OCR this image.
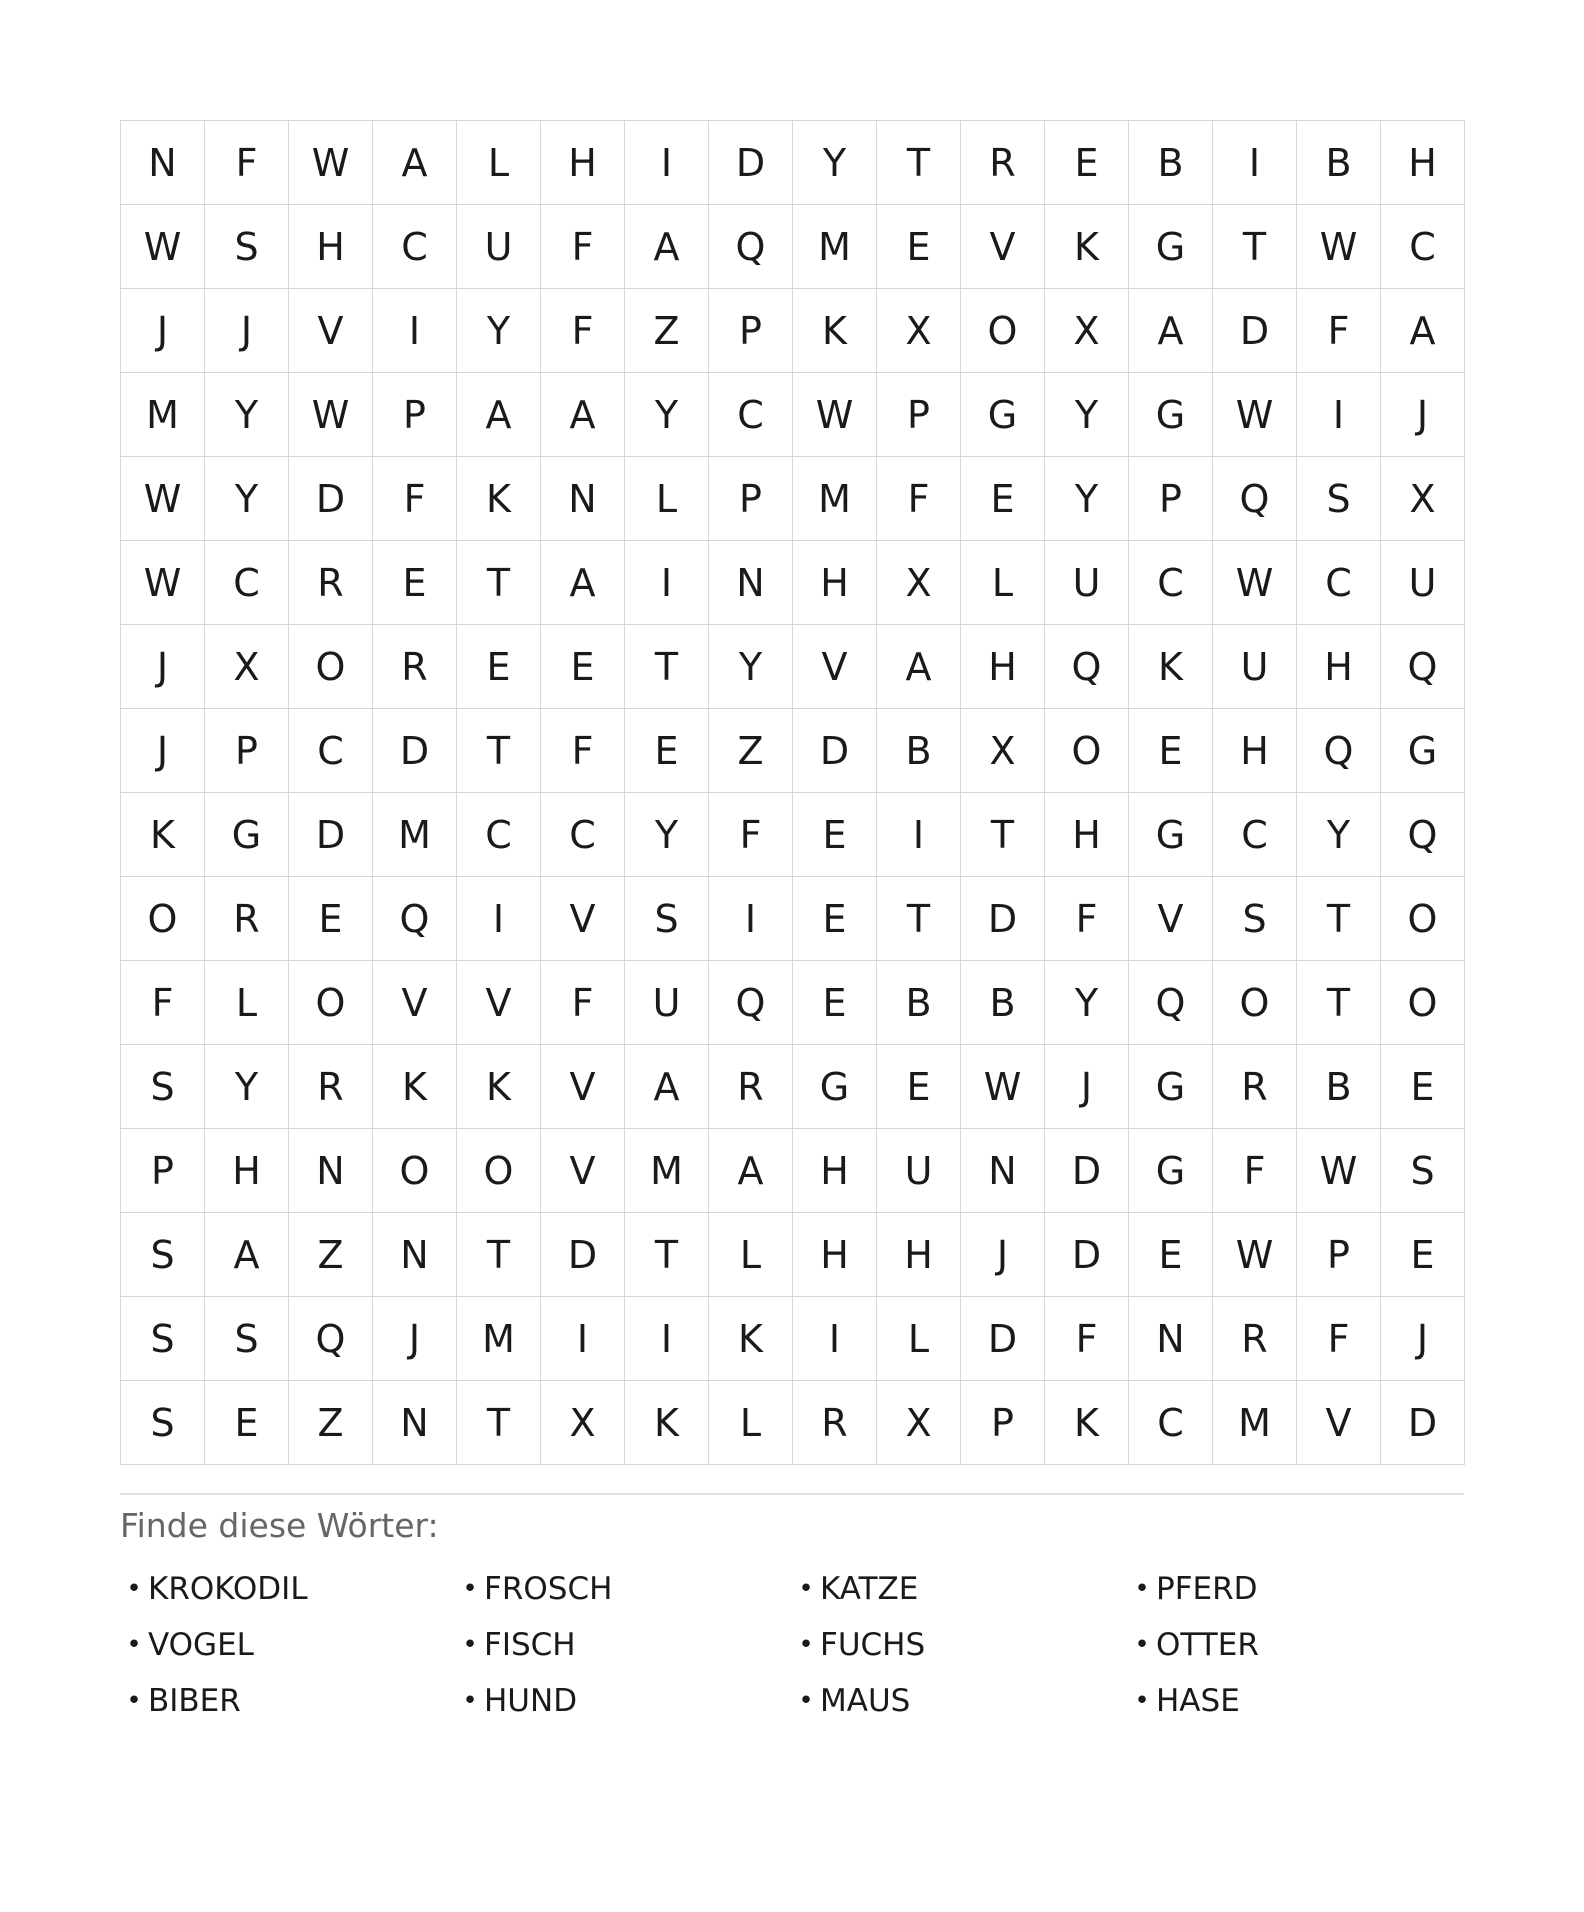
N	F	W	A	L	H	I	D	Y	T	R	E	B	I	B	H
W	S	H	C	U	F	A	Q	M	E	V	K	G	T	W	C
J	J	V	I	Y	F	Z	P	K	X	O	X	A	D	F	A
M	Y	W	P	A	A	Y	C	W	P	G	Y	G	W	I	J
W	Y	D	F	K	N	L	P	M	F	E	Y	P	Q	S	X
W	C	R	E	T	A	I	N	H	X	L	U	C	W	C	U
J	X	O	R	E	E	T	Y	V	A	H	Q	K	U	H	Q
J	P	C	D	T	F	E	Z	D	B	X	O	E	H	Q	G
K	G	D	M	C	C	Y	F	E	I	T	H	G	C	Y	Q
O	R	E	Q	I	V	S	I	E	T	D	F	V	S	T	O
F	L	O	V	V	F	U	Q	E	B	B	Y	Q	O	T	O
S	Y	R	K	K	V	A	R	G	E	W	J	G	R	B	E
P	H	N	O	O	V	M	A	H	U	N	D	G	F	W	S
S	A	Z	N	T	D	T	L	H	H	J	D	E	W	P	E
S	S	Q	J	M	I	I	K	I	L	D	F	N	R	F	J
S	E	Z	N	T	X	K	L	R	X	P	K	C	M	V	D
Finde diese Wörter:
• KROKODIL	• FROSCH	• KATZE	• PFERD
• VOGEL	• FISCH	• FUCHS	• OTTER
• BIBER	• HUND	• MAUS	• HASE
